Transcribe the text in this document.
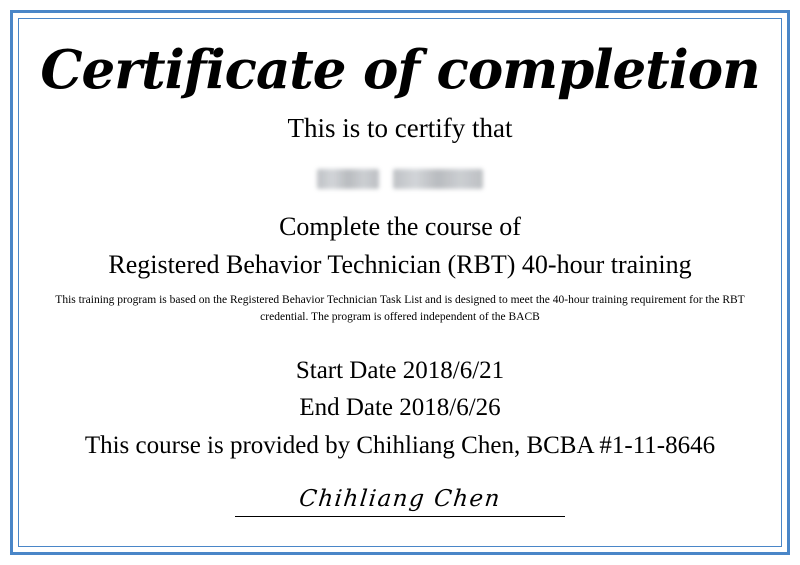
Certificate of completion
This is to certify that
Complete the course of
Registered Behavior Technician (RBT) 40-hour training
This training program is based on the Registered Behavior Technician Task List and is designed to meet the 40-hour training requirement for the RBT credential. The program is offered independent of the BACB
Start Date 2018/6/21
End Date 2018/6/26
This course is provided by Chihliang Chen, BCBA #1-11-8646
Chihliang Chen
